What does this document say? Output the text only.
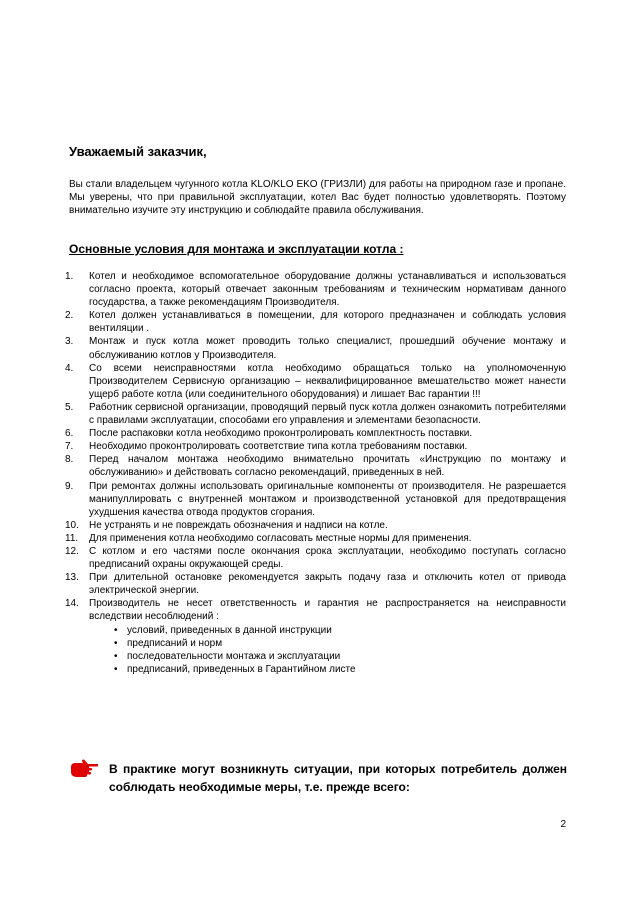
Уважаемый заказчик,
Вы стали владельцем чугунного котла KLO/KLO EKO (ГРИЗЛИ) для работы на природном газе и пропане. Мы уверены, что при правильной эксплуатации, котел Вас будет полностью удовлетворять. Поэтому внимательно изучите эту инструкцию и соблюдайте правила обслуживания.
Основные условия для монтажа и эксплуатации котла :
1. Котел и необходимое вспомогательное оборудование должны устанавливаться и использоваться согласно проекта, который отвечает законным требованиям и техническим нормативам данного государства, а также рекомендациям Производителя.
2. Котел должен устанавливаться в помещении, для которого предназначен и соблюдать условия вентиляции .
3. Монтаж и пуск котла может проводить только специалист, прошедший обучение монтажу и обслуживанию котлов у Производителя.
4. Со всеми неисправностями котла необходимо обращаться только на уполномоченную Производителем Сервисную организацию – неквалифицированное вмешательство может нанести ущерб работе котла (или соединительного оборудования) и лишает Вас гарантии !!!
5. Работник сервисной организации, проводящий первый пуск котла должен ознакомить потребителями с правилами эксплуатации, способами его управления и элементами безопасности.
6. После распаковки котла необходимо проконтролировать комплектность поставки.
7. Необходимо проконтролировать соответствие типа котла требованиям поставки.
8. Перед началом монтажа необходимо внимательно прочитать «Инструкцию по монтажу и обслуживанию» и действовать согласно рекомендаций, приведенных в ней.
9. При ремонтах должны использовать оригинальные компоненты от производителя. Не разрешается манипуллировать с внутренней монтажом и производственной установкой для предотвращения ухудшения качества отвода продуктов сгорания.
10. Не устранять и не повреждать обозначения и надписи на котле.
11. Для применения котла необходимо согласовать местные нормы для применения.
12. С котлом и его частями после окончания срока эксплуатации, необходимо поступать согласно предписаний охраны окружающей среды.
13. При длительной остановке рекомендуется закрыть подачу газа и отключить котел от привода электрической энергии.
14. Производитель не несет ответственность и гарантия не распространяется на неисправности вследствии несоблюдений :
• условий, приведенных в данной инструкции
• предписаний и норм
• последовательности монтажа и эксплуатации
• предписаний, приведенных в Гарантийном листе
В практике могут возникнуть ситуации, при которых потребитель должен соблюдать необходимые меры, т.е. прежде всего:
2
